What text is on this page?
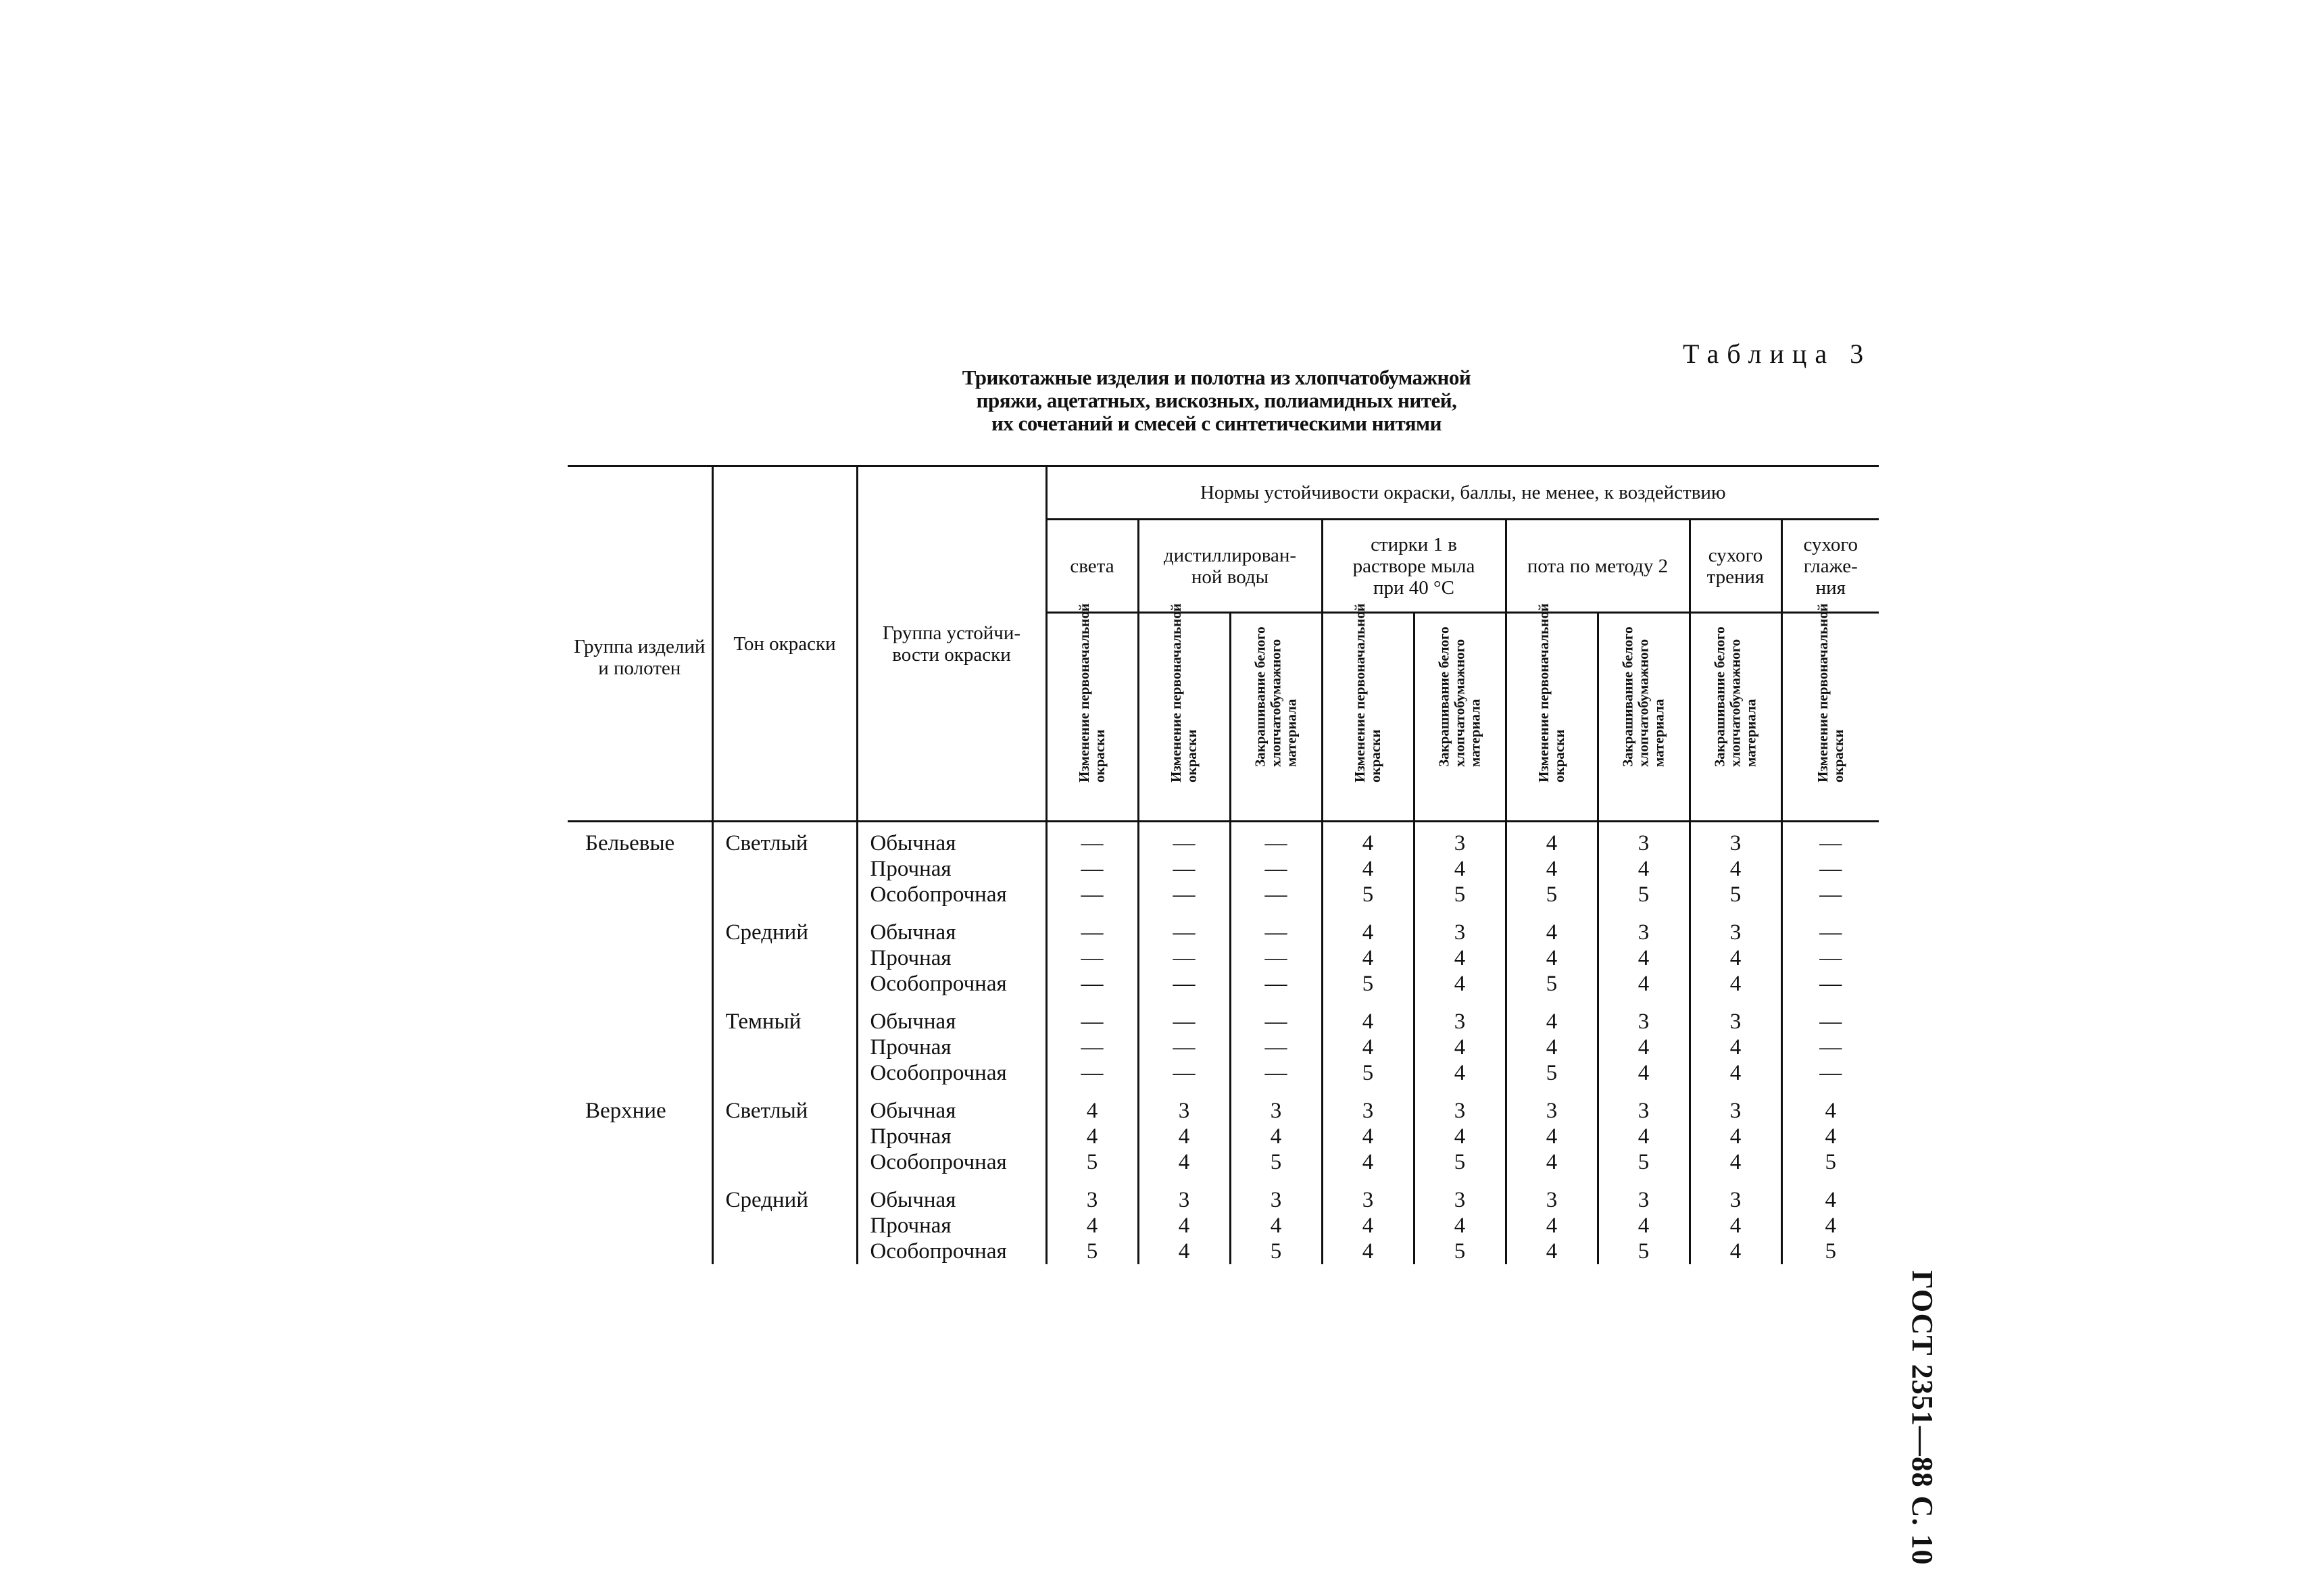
Таблица 3
Трикотажные изделия и полотна из хлопчатобумажной
пряжи, ацетатных, вискозных, полиамидных нитей,
их сочетаний и смесей с синтетическими нитями
Группа изделий и полотен	Тон окраски	Группа устойчи-вости окраски	Нормы устойчивости окраски, баллы, не менее, к воздействию								
			света	дистиллирован-ной воды		стирки 1 в растворе мыла при 40 °С		пота по методу 2		сухого трения	сухого глаже-ния

			Изменение первоначальной окраски	Изменение первоначальной окраски	Закрашивание белого хлопчатобумажного материала	Изменение первоначальной окраски	Закрашивание белого хлопчатобумажного материала	Изменение первоначальной окраски	Закрашивание белого хлопчатобумажного материала	Закрашивание белого хлопчатобумажного материала	Изменение первоначальной окраски

Бельевые	Светлый	Обычная	—	—	—	4	3	4	3	3	—
		Прочная	—	—	—	4	4	4	4	4	—
		Особопрочная	—	—	—	5	5	5	5	5	—

	Средний	Обычная	—	—	—	4	3	4	3	3	—
		Прочная	—	—	—	4	4	4	4	4	—
		Особопрочная	—	—	—	5	4	5	4	4	—

	Темный	Обычная	—	—	—	4	3	4	3	3	—
		Прочная	—	—	—	4	4	4	4	4	—
		Особопрочная	—	—	—	5	4	5	4	4	—

Верхние	Светлый	Обычная	4	3	3	3	3	3	3	3	4
		Прочная	4	4	4	4	4	4	4	4	4
		Особопрочная	5	4	5	4	5	4	5	4	5

	Средний	Обычная	3	3	3	3	3	3	3	3	4
		Прочная	4	4	4	4	4	4	4	4	4
		Особопрочная	5	4	5	4	5	4	5	4	5
ГОСТ 2351—88 С. 10
